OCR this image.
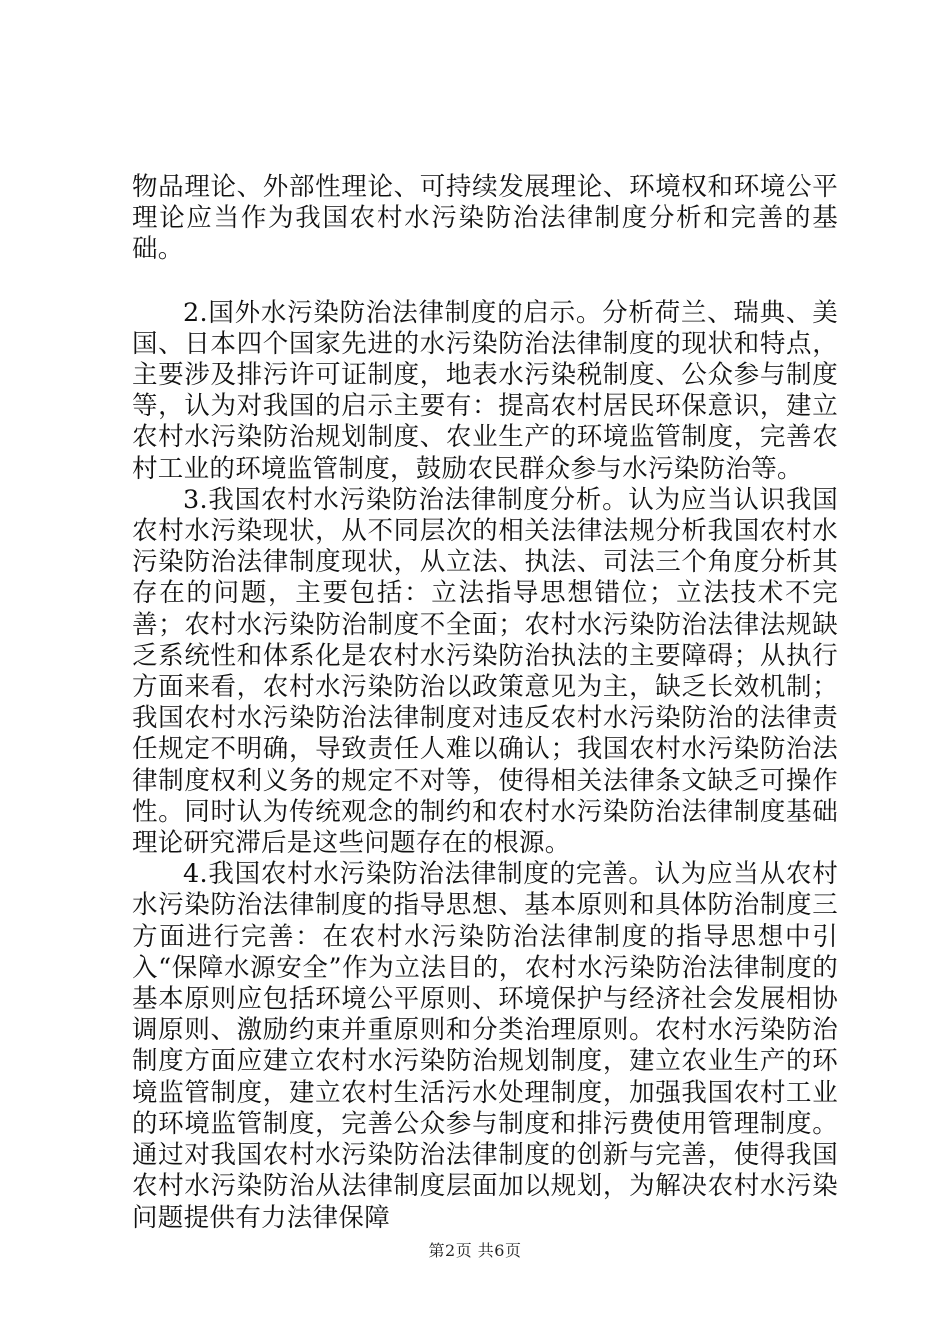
物品理论、外部性理论、可持续发展理论、环境权和环境公平理论应当作为我国农村水污染防治法律制度分析和完善的基础。

2.国外水污染防治法律制度的启示。分析荷兰、瑞典、美国、日本四个国家先进的水污染防治法律制度的现状和特点，主要涉及排污许可证制度，地表水污染税制度、公众参与制度等，认为对我国的启示主要有：提高农村居民环保意识，建立农村水污染防治规划制度、农业生产的环境监管制度，完善农村工业的环境监管制度，鼓励农民群众参与水污染防治等。

3.我国农村水污染防治法律制度分析。认为应当认识我国农村水污染现状，从不同层次的相关法律法规分析我国农村水污染防治法律制度现状，从立法、执法、司法三个角度分析其存在的问题，主要包括：立法指导思想错位；立法技术不完善；农村水污染防治制度不全面；农村水污染防治法律法规缺乏系统性和体系化是农村水污染防治执法的主要障碍；从执行方面来看，农村水污染防治以政策意见为主，缺乏长效机制；我国农村水污染防治法律制度对违反农村水污染防治的法律责任规定不明确，导致责任人难以确认；我国农村水污染防治法律制度权利义务的规定不对等，使得相关法律条文缺乏可操作性。同时认为传统观念的制约和农村水污染防治法律制度基础理论研究滞后是这些问题存在的根源。

4.我国农村水污染防治法律制度的完善。认为应当从农村水污染防治法律制度的指导思想、基本原则和具体防治制度三方面进行完善：在农村水污染防治法律制度的指导思想中引入“保障水源安全”作为立法目的，农村水污染防治法律制度的基本原则应包括环境公平原则、环境保护与经济社会发展相协调原则、激励约束并重原则和分类治理原则。农村水污染防治制度方面应建立农村水污染防治规划制度，建立农业生产的环境监管制度，建立农村生活污水处理制度，加强我国农村工业的环境监管制度，完善公众参与制度和排污费使用管理制度。通过对我国农村水污染防治法律制度的创新与完善，使得我国农村水污染防治从法律制度层面加以规划，为解决农村水污染问题提供有力法律保障

第2页 共6页
